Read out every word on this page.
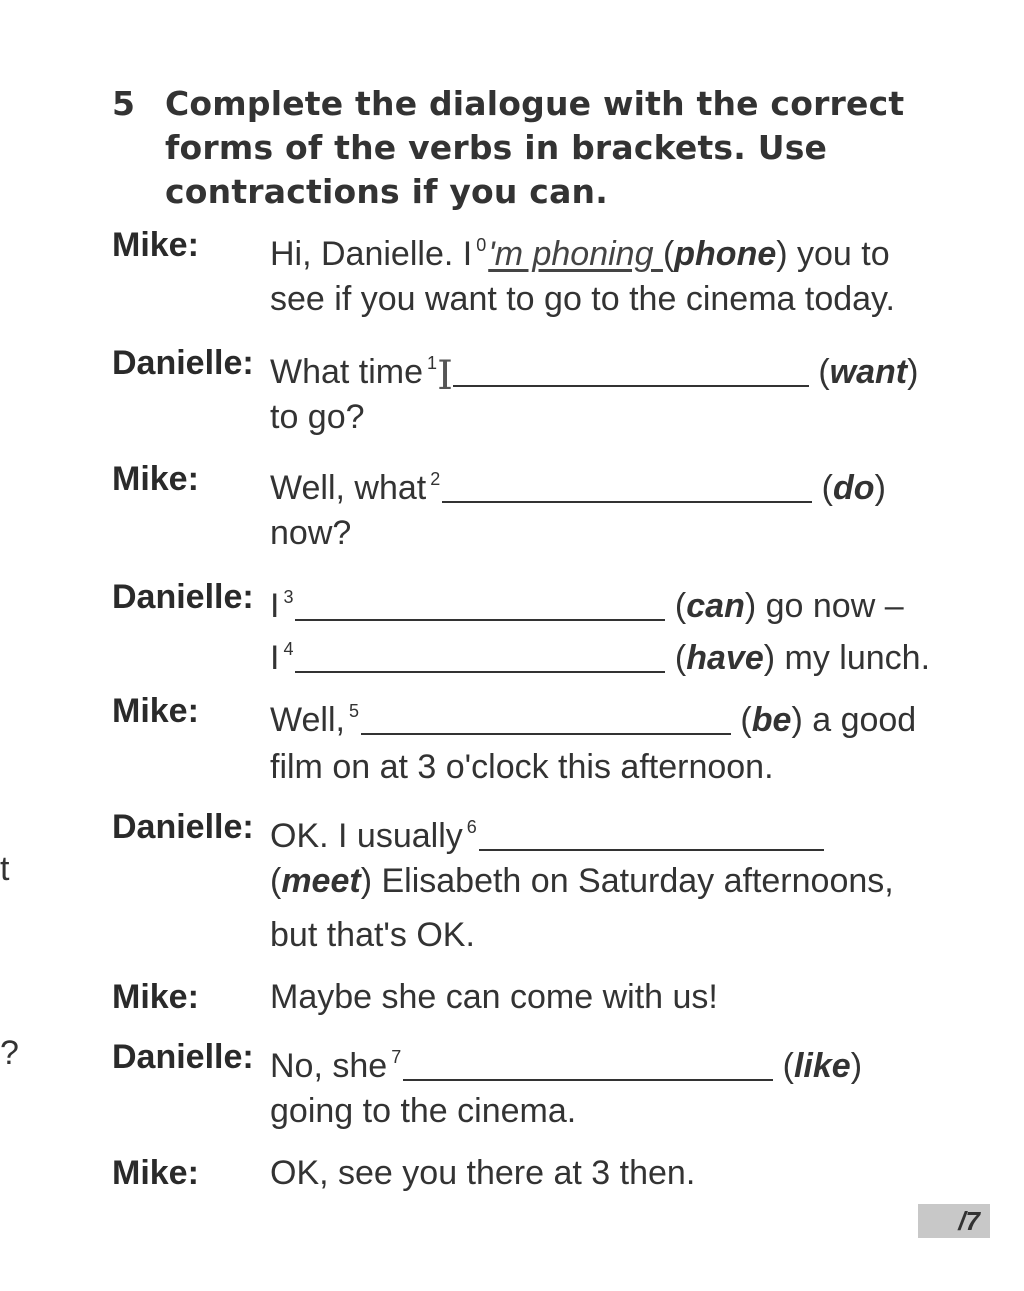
5 Complete the dialogue with the correct forms of the verbs in brackets. Use contractions if you can.
Mike: Hi, Danielle. I $^0$'m phoning (phone) you to
see if you want to go to the cinema today.
Danielle: What time $^1$I	(want)
to go?
Mike: Well, what $^2$	(do)
now?
Danielle: I $^3$	(can) go now –
I $^4$	(have) my lunch.
Mike: Well, $^5$	(be) a good
film on at 3 o'clock this afternoon.
Danielle: OK. I usually $^6$
(meet) Elisabeth on Saturday afternoons,
but that's OK.
Mike: Maybe she can come with us!
Danielle: No, she $^7$	(like)
going to the cinema.
Mike: OK, see you there at 3 then.
t
?
/7
